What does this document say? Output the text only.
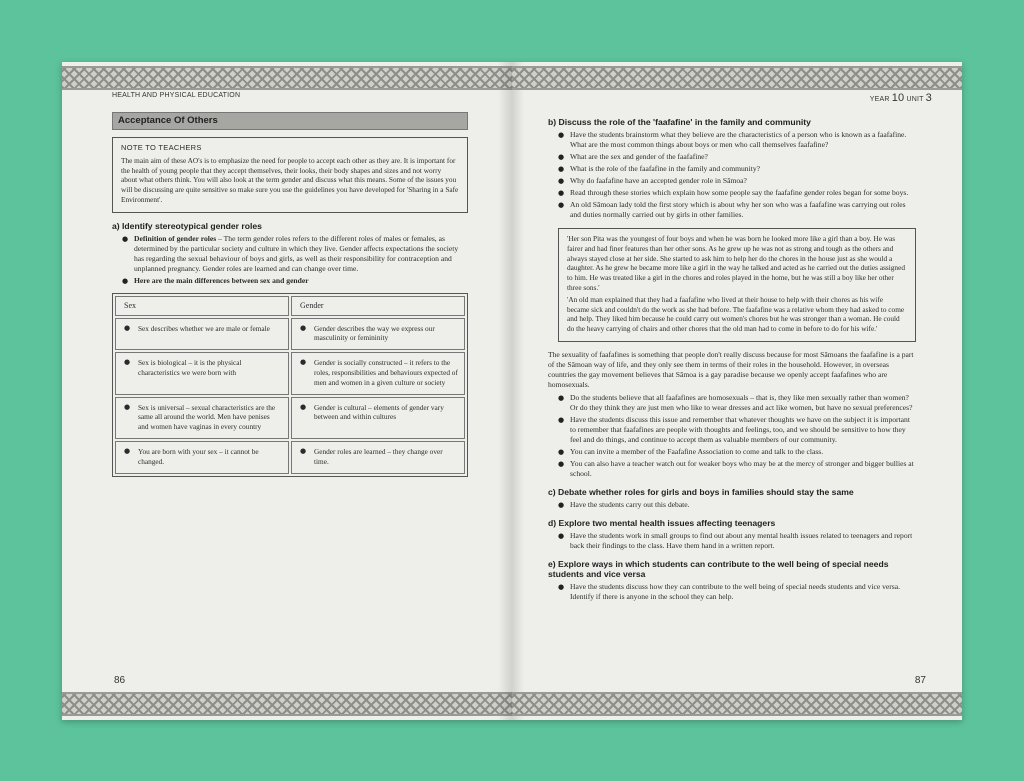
HEALTH AND PHYSICAL EDUCATION
Acceptance Of Others
NOTE TO TEACHERS
The main aim of these AO's is to emphasize the need for people to accept each other as they are. It is important for the health of young people that they accept themselves, their looks, their body shapes and sizes and not worry about what others think. You will also look at the term gender and discuss what this means. Some of the issues you will be discussing are quite sensitive so make sure you use the guidelines you have developed for 'Sharing in a Safe Environment'.
a) Identify stereotypical gender roles
● Definition of gender roles – The term gender roles refers to the different roles of males or females, as determined by the particular society and culture in which they live. Gender affects expectations the society has regarding the sexual behaviour of boys and girls, as well as their responsibility for contraception and unplanned pregnancy. Gender roles are learned and can change over time.
● Here are the main differences between sex and gender
Sex	Gender

● Sex describes whether we are male or female	● Gender describes the way we express our masculinity or femininity

● Sex is biological – it is the physical characteristics we were born with	● Gender is socially constructed – it refers to the roles, responsibilities and behaviours expected of men and women in a given culture or society

● Sex is universal – sexual characteristics are the same all around the world. Men have penises and women have vaginas in every country	● Gender is cultural – elements of gender vary between and within cultures

● You are born with your sex – it cannot be changed.	● Gender roles are learned – they change over time.
86
YEAR 10 UNIT 3
b) Discuss the role of the 'faafafine' in the family and community
● Have the students brainstorm what they believe are the characteristics of a person who is known as a faafafine. What are the most common things about boys or men who call themselves faafafine?
● What are the sex and gender of the faafafine?
● What is the role of the faafafine in the family and community?
● Why do faafafine have an accepted gender role in Sāmoa?
● Read through these stories which explain how some people say the faafafine gender roles began for some boys.
● An old Sāmoan lady told the first story which is about why her son who was a faafafine was carrying out roles and duties normally carried out by girls in other families.

'Her son Pita was the youngest of four boys and when he was born he looked more like a girl than a boy. He was fairer and had finer features than her other sons. As he grew up he was not as strong and tough as the others and always stayed close at her side. She started to ask him to help her do the chores in the house just as she would a daughter. As he grew he became more like a girl in the way he talked and acted as he carried out the duties assigned to him. He was treated like a girl in the chores and roles played in the home, but he was still a boy like her other three sons.'

'An old man explained that they had a faafafine who lived at their house to help with their chores as his wife became sick and couldn't do the work as she had before. The faafafine was a relative whom they had asked to come and help. They liked him because he could carry out women's chores but he was stronger than a woman. He could do the heavy carrying of chairs and other chores that the old man had to come in before to do for his wife.'

The sexuality of faafafines is something that people don't really discuss because for most Sāmoans the faafafine is a part of the Sāmoan way of life, and they only see them in terms of their roles in the household. However, in overseas countries the gay movement believes that Sāmoa is a gay paradise because we openly accept faafafines who are homosexuals.
● Do the students believe that all faafafines are homosexuals – that is, they like men sexually rather than women? Or do they think they are just men who like to wear dresses and act like women, but have no sexual preferences?
● Have the students discuss this issue and remember that whatever thoughts we have on the subject it is important to remember that faafafines are people with thoughts and feelings, too, and we should be sensitive to how they feel and do things, and continue to accept them as valuable members of our community.
● You can invite a member of the Faafafine Association to come and talk to the class.
● You can also have a teacher watch out for weaker boys who may be at the mercy of stronger and bigger bullies at school.
c) Debate whether roles for girls and boys in families should stay the same
● Have the students carry out this debate.
d) Explore two mental health issues affecting teenagers
● Have the students work in small groups to find out about any mental health issues related to teenagers and report back their findings to the class. Have them hand in a written report.
e) Explore ways in which students can contribute to the well being of special needs students and vice versa
● Have the students discuss how they can contribute to the well being of special needs students and vice versa. Identify if there is anyone in the school they can help.
87
